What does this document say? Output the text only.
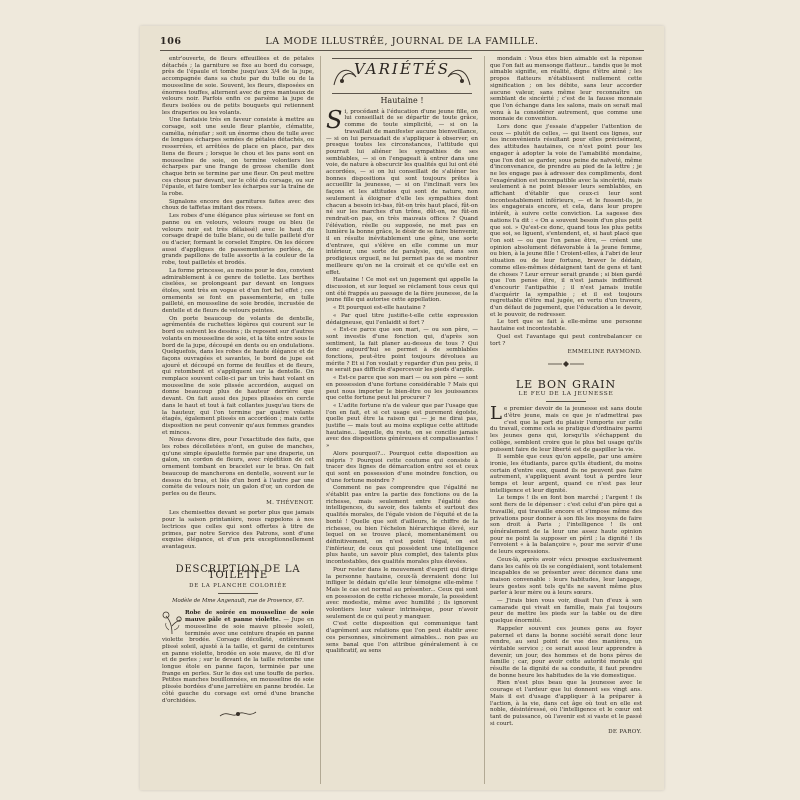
106	LA MODE ILLUSTRÉE, JOURNAL DE LA FAMILLE.

entr'ouverte, de fleurs effeuillées et de pétales détachés ; la garniture se fixe au bord du corsage, près de l'épaule et tombe jusqu'aux 3/4 de la jupe, accompagnée dans sa chute par du tulle ou de la mousseline de soie. Souvent, les fleurs, disposées en énormes touffes, alternent avec de gros manteaux de velours noir. Parfois enfin ce parsème la jupe de fleurs isolées ou de petits bouquets qui retiennent les draperies ou les volants.

Une fantaisie très en faveur consiste à mettre au corsage, soit une seule fleur plantée, clématite, camélia, nénufar ; soit un énorme chou de tulle avec de longues écharpes semées de pétales détachés, ou resserrées, et arrêtées de place en place, par des liens de fleurs ; lorsque le chou et les pans sont en mousseline de soie, on termine volontiers les écharpes par une frange de grosse chenille dont chaque brin se termine par une fleur. On peut mettre ces choux par devant, sur le côté du corsage, ou sur l'épaule, et faire tomber les écharpes sur la traîne de la robe.

Signalons encore des garnitures faites avec des choux de taffetas imitant des roses.

Les robes d'une élégance plus sérieuse se font en panne ou en velours, velours rouge ou bleu (le velours noir est très délaissé) avec le haut du corsage drapé de tulle blanc, ou de tulle pailleté d'or ou d'acier, formant le corselet Empire. On les décore aussi d'appliques de passementeries perlées, de grands papillons de tulle assortis à la couleur de la robe, tout pailletés et brodés.

La forme princesse, au moins pour le dos, convient admirablement à ce genre de toilette. Les berthes ciselées, se prolongeant par devant en longues étoles, sont très en vogue et d'un fort bel effet ; ces ornements se font en passementerie, en tulle pailleté, en mousseline de soie brodée, incrustée de dentelle et de fleurs de velours peintes.

On porte beaucoup de volants de dentelle, agrémentés de ruchettes légères qui courent sur le bord ou suivent les dessins ; ils reposent sur d'autres volants en mousseline de soie, et la tête entre sous le bord de la jupe, découpé en dents ou en ondulations. Quelquefois, dans les robes de haute élégance et de façons ouvragées et savantes, le bord de jupe est ajouré et découpé en forme de feuilles et de fleurs, qui retombent et s'appliquent sur la dentelle. On remplace souvent celle-ci par un très haut volant en mousseline de soie plissée accordéon, auquel on donne beaucoup plus de hauteur derrière que devant. On fait aussi des jupes plissées en cercle dans le haut et tout à fait collantes jusqu'au tiers de la hauteur, qui l'on termine par quatre volants étagés, également plissés en accordéon ; mais cette disposition ne peut convenir qu'aux femmes grandes et minces.

Nous devons dire, pour l'exactitude des faits, que les robes décolletées n'ont, en guise de manches, qu'une simple épaulette formée par une draperie, un galon, un cordon de fleurs, avec répétition de cet ornement tombant en bracelet sur le bras. On fait beaucoup de mancherons en dentelle, souvent sur le dessus du bras, et liés d'un bord à l'autre par une comète de velours noir, un galon d'or, un cordon de perles ou de fleurs.

M. THÉVENOT.

Les chemisettes devant se porter plus que jamais pour la saison printanière, nous rappelons à nos lectrices que celles qui sont offertes à titre de primes, par notre Service des Patrons, sont d'une exquise élégance, et d'un prix exceptionnellement avantageux.

DESCRIPTION DE LA TOILETTE
DE LA PLANCHE COLORIÉE
Modèle de Mme Angenault, rue de Provence, 67.

Robe de soirée en mousseline de soie mauve pâle et panne violette. — Jupe en mousseline de soie mauve plissée soleil, terminée avec une ceinture drapée en panne violette brodée. Corsage décolleté, entièrement plissé soleil, ajusté à la taille, et garni de ceintures en panne violette, brodée en soie mauve, de fil d'or et de perles ; sur le devant de la taille retombe une longue étole en panne façon, terminée par une frange en perles. Sur le dos est une touffe de perles. Petites manches bouillonnées, en mousseline de soie plissée bordées d'une jarretière en panne brodée. Le côté gauche du corsage est orné d'une branche d'orchidées.

VARIÉTÉS
Hautaine !

S i, procédant à l'éducation d'une jeune fille, on lui conseillait de se départir de toute grâce, comme de toute simplicité, — si on la travaillait de manifester aucune bienveillance, — si on lui persuadait de s'appliquer à observer, en presque toutes les circonstances, l'attitude qui pourrait lui aliéner les sympathies de ses semblables, — si on l'engageait à entrer dans une voie, de nature à obscurcir les qualités qui lui ont été accordées, — si on lui conseillait de s'aliéner les bonnes dispositions qui sont toujours prêtes à accueillir la jeunesse, — si on l'inclinait vers les façons et les attitudes qui sont de nature, non seulement à éloigner d'elle les sympathies dont chacun a besoin ici-bas, fût-on très haut placé, fût-on né sur les marches d'un trône, dût-on, ne fût-on rendrait-on pas, en très mauvais offices ? Quand l'élévation, réelle ou supposée, ne met pas en lumière la bonne grâce, le désir de se faire bienvenir, il en résulte inévitablement une gêne, une sorte d'entrave, qui s'élève en elle comme un mur intérieur, une sorte de paralysie, qui, dans son prodigieux orgueil, ne lui permet pas de se montrer meilleure qu'on ne la croirait et ce qu'elle est en effet.

Hautaine ! Ce mot est un jugement qui appelle la discussion, et sur lequel se réclament tous ceux qui ont été frappés au passage de la fière jeunesse, de la jeune fille qui autorise cette appellation.

« Et pourquoi est-elle hautaine ?

« Par quel titre justifie-t-elle cette expression dédaigneuse, qui l'enlaidit si fort ?

« Est-ce parce que son mari, — ou son père, — sont investis d'une fonction qui, d'après son sentiment, la fait planer au-dessus de tous ? Qui donc aujourd'hui se permet à de semblables fonctions, peut-être point toujours dévolues au mérite ? Et si l'on voulait y regarder d'un peu près, il ne serait pas difficile d'apercevoir les pieds d'argile.

« Est-ce parce que son mari — ou son père — sont en possession d'une fortune considérable ? Mais qui peut nous importer le bien-être ou les jouissances que cette fortune peut lui procurer ?

« L'adite fortune n'a de valeur que par l'usage que l'on en fait, et si cet usage est purement égoïste, quelle peut être la raison qui — je ne dirai pas, justifie — mais tout au moins explique cette attitude hautaine... laquelle, du reste, on se concilie jamais avec des dispositions généreuses et compatissantes ! »

Alors pourquoi?... Pourquoi cette disposition au mépris ? Pourquoi cette coutume qui consiste à tracer des lignes de démarcation entre soi et ceux qui sont en possession d'une moindre fonction, ou d'une fortune moindre ?

Comment ne pas comprendre que l'égalité ne s'établit pas entre la partie des fonctions ou de la richesse, mais seulement entre l'égalité des intelligences, du savoir, des talents et surtout des qualités morales, de l'égale vision de l'équité et de la bonté ! Quelle que soit d'ailleurs, le chiffre de la richesse, ou bien l'échelon hiérarchique élevé, sur lequel on se trouve placé, momentanément ou définitivement, on n'est point l'égal, on est l'inférieur, de ceux qui possèdent une intelligence plus haute, un savoir plus complet, des talents plus incontestables, des qualités morales plus élevées.

Pour rester dans le mouvement d'esprit qui dirige la personne hautaine, ceux-là devraient donc lui infliger le dédain qu'elle leur témoigne elle-même ! Mais le cas est normal au présenter... Ceux qui sont en possession de cette richesse morale, la possèdent avec modestie, même avec humilité ; ils ignorent volontiers leur valeur intrinsèque, pour n'avoir seulement de ce qui peut y manquer.

C'est cette disposition qui communique tant d'agrément aux relations que l'on peut établir avec ces personnes, sincèrement aimables... non pas au sens banal que l'on attribue généralement à ce qualificatif, au sens

mondain : Vous êtes bien aimable est la réponse que l'on fait au mensonge flatteur... tandis que le mot aimable signifie, en réalité, digne d'être aimé ; les propos flatteurs n'établissent nullement cette signification ; on les débite, sans leur accorder aucune valeur, sans même leur reconnaître un semblant de sincérité ; c'est de la fausse monnaie que l'on échange dans les salons, mais on serait mal venu à la considérer autrement, que comme une monnaie de convention.

Lors donc que j'essaie d'appeler l'attention de ceux — plutôt de celles, — qui lisent ces lignes, sur les inconvénients résultant pour elles précisément, des attitudes hautaines, ce n'est point pour les engager à adopter la voie de l'amabilité mondaine, que l'on doit se garder, sous peine de naïveté, même d'inconvenance, de prendre au pied de la lettre ; je ne les engage pas à adresser des compliments, dont l'exagération est incompatible avec la sincérité, mais seulement à ne point blesser leurs semblables, en affichant d'établir que ceux-ci leur sont incontestablement inférieurs, — et le fussent-ils, je les engagerais encore, et cela, dans leur propre intérêt, à suivre cette conviction. La sagesse des nations l'a dit : « On a souvent besoin d'un plus petit que soi. » Qu'est-ce donc, quand tous les plus petits que soi, se liguent, s'entendent, et, si haut placé que l'on soit — ou que l'on pense être, — créent une opinion absolument défavorable à la jeune femme, ou bien, à la jeune fille ! Croient-elles, à l'abri de leur situation ou de leur fortune, braver le dédain, comme elles-mêmes dédaignent tant de gens et tant de choses ? Leur erreur serait grande ; si bien gardé que l'on pense être, il n'est jamais indifférent d'encourir l'antipathie ; il n'est jamais inutile d'acquérir la sympathie ; et il est toujours regrettable d'être mal jugée, en vertu d'un travers, d'un défaut de jugement, que l'éducation a le devoir, et le pouvoir, de redresser.

Le tort que se fait à elle-même une personne hautaine est incontestable.

Quel est l'avantage qui peut contrebalancer ce tort ?

EMMELINE RAYMOND.
LE BON GRAIN
LE FEU DE LA JEUNESSE

L e premier devoir de la jeunesse est sans doute d'être jeune, mais ce que je n'admettrai pas c'est que la part du plaisir l'emporte sur celle du travail, comme cela se pratique d'ordinaire parmi les jeunes gens qui, lorsqu'ils s'échappent du collège, semblent croire que le plus bel usage qu'ils puissent faire de leur liberté est de gaspiller la vie.

Il semble que ceux qu'on appelle, par une amère ironie, les étudiants, parce qu'ils étudient, du moins certain d'entre eux, quand ils ne peuvent pas faire autrement, s'appliquent avant tout à perdre leur temps et leur argent, quand ce n'est pas leur intelligence et leur dignité.

Le temps ! ils en font bon marché ; l'argent ! ils sont fiers de le dépenser : c'est celui d'un père qui a travaillé, qui travaille encore et s'impose même des privations pour donner à son fils les moyens de faire son droit à Paris ; l'intelligence ! ils ont généralement de la leur une assez haute opinion pour ne point la supposer en péril ; la dignité ! ils l'envoient « à la balançoire », pour me servir d'une de leurs expressions.

Ceux-là, après avoir vécu presque exclusivement dans les cafés où ils se congédiaient, sont totalement incapables de se présenter avec décence dans une maison convenable : leurs habitudes, leur langage, leurs gestes sont tels qu'ils ne savent même plus parler à leur mère ou à leurs sœurs.

— J'irais bien vous voir, disait l'un d'eux à son camarade qui vivait en famille, mais j'ai toujours peur de mettre les pieds sur la table ou de dire quelque énormité.

Rappeler souvent ces jeunes gens au foyer paternel et dans la bonne société serait donc leur rendre, au seul point de vue des manières, un véritable service ; ce serait aussi leur apprendre à devenir, un jour, des hommes et de bons pères de famille ; car, pour avoir cette autorité morale qui résulte de la dignité de sa conduite, il faut prendre de bonne heure les habitudes de la vie domestique.

Rien n'est plus beau que la jeunesse avec le courage et l'ardeur que lui donnent ses vingt ans. Mais il est d'usage d'appliquer à la préparer à l'action, à la vie, dans cet âge où tout en elle est noble, désintéressé, où l'intelligence et le cœur ont tant de puissance, où l'avenir est si vaste et le passé si court.

DE PAROY.
